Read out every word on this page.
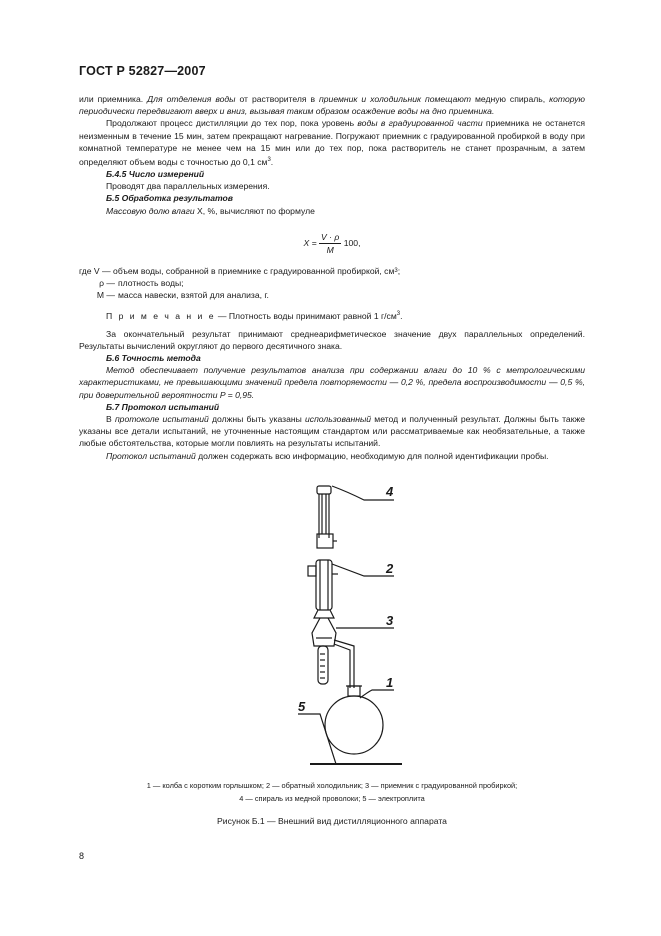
ГОСТ Р 52827—2007

или приемника. Для отделения воды от растворителя в приемник и холодильник помещают медную спираль, которую периодически передвигают вверх и вниз, вызывая таким образом осаждение воды на дно приемника.

Продолжают процесс дистилляции до тех пор, пока уровень воды в градуированной части приемника не останется неизменным в течение 15 мин, затем прекращают нагревание. Погружают приемник с градуированной пробиркой в воду при комнатной температуре не менее чем на 15 мин или до тех пор, пока растворитель не станет прозрачным, а затем определяют объем воды с точностью до 0,1 $см^3$.

Б.4.5 Число измерений

Проводят два параллельных измерения.

Б.5 Обработка результатов

Массовую долю влаги X, %, вычисляют по формуле

$X = \frac{V \cdot \rho}{M} 100$,
где V —
объем воды, собранной в приемнике с градуированной пробиркой, см 3 ;
ρ — плотность воды;
M — масса навески, взятой для анализа, г.

П р и м е ч а н и е — Плотность воды принимают равной 1 $г/см^3$.

За окончательный результат принимают среднеарифметическое значение двух параллельных определений. Результаты вычислений округляют до первого десятичного знака.

Б.6 Точность метода

Метод обеспечивает получение результатов анализа при содержании влаги до 10 % с метрологическими характеристиками, не превышающими значений предела повторяемости — 0,2 %, предела воспроизводимости — 0,5 %, при доверительной вероятности P = 0,95.

Б.7 Протокол испытаний

В протоколе испытаний должны быть указаны использованный метод и полученный результат. Должны быть также указаны все детали испытаний, не уточненные настоящим стандартом или рассматриваемые как необязательные, а также любые обстоятельства, которые могли повлиять на результаты испытаний.

Протокол испытаний должен содержать всю информацию, необходимую для полной идентификации пробы.

4
2
3
1
5
1 — колба с коротким горлышком; 2 — обратный холодильник; 3 — приемник с градуированной пробиркой;
4 — спираль из медной проволоки; 5 — электроплита
Рисунок Б.1 — Внешний вид дистилляционного аппарата
8
